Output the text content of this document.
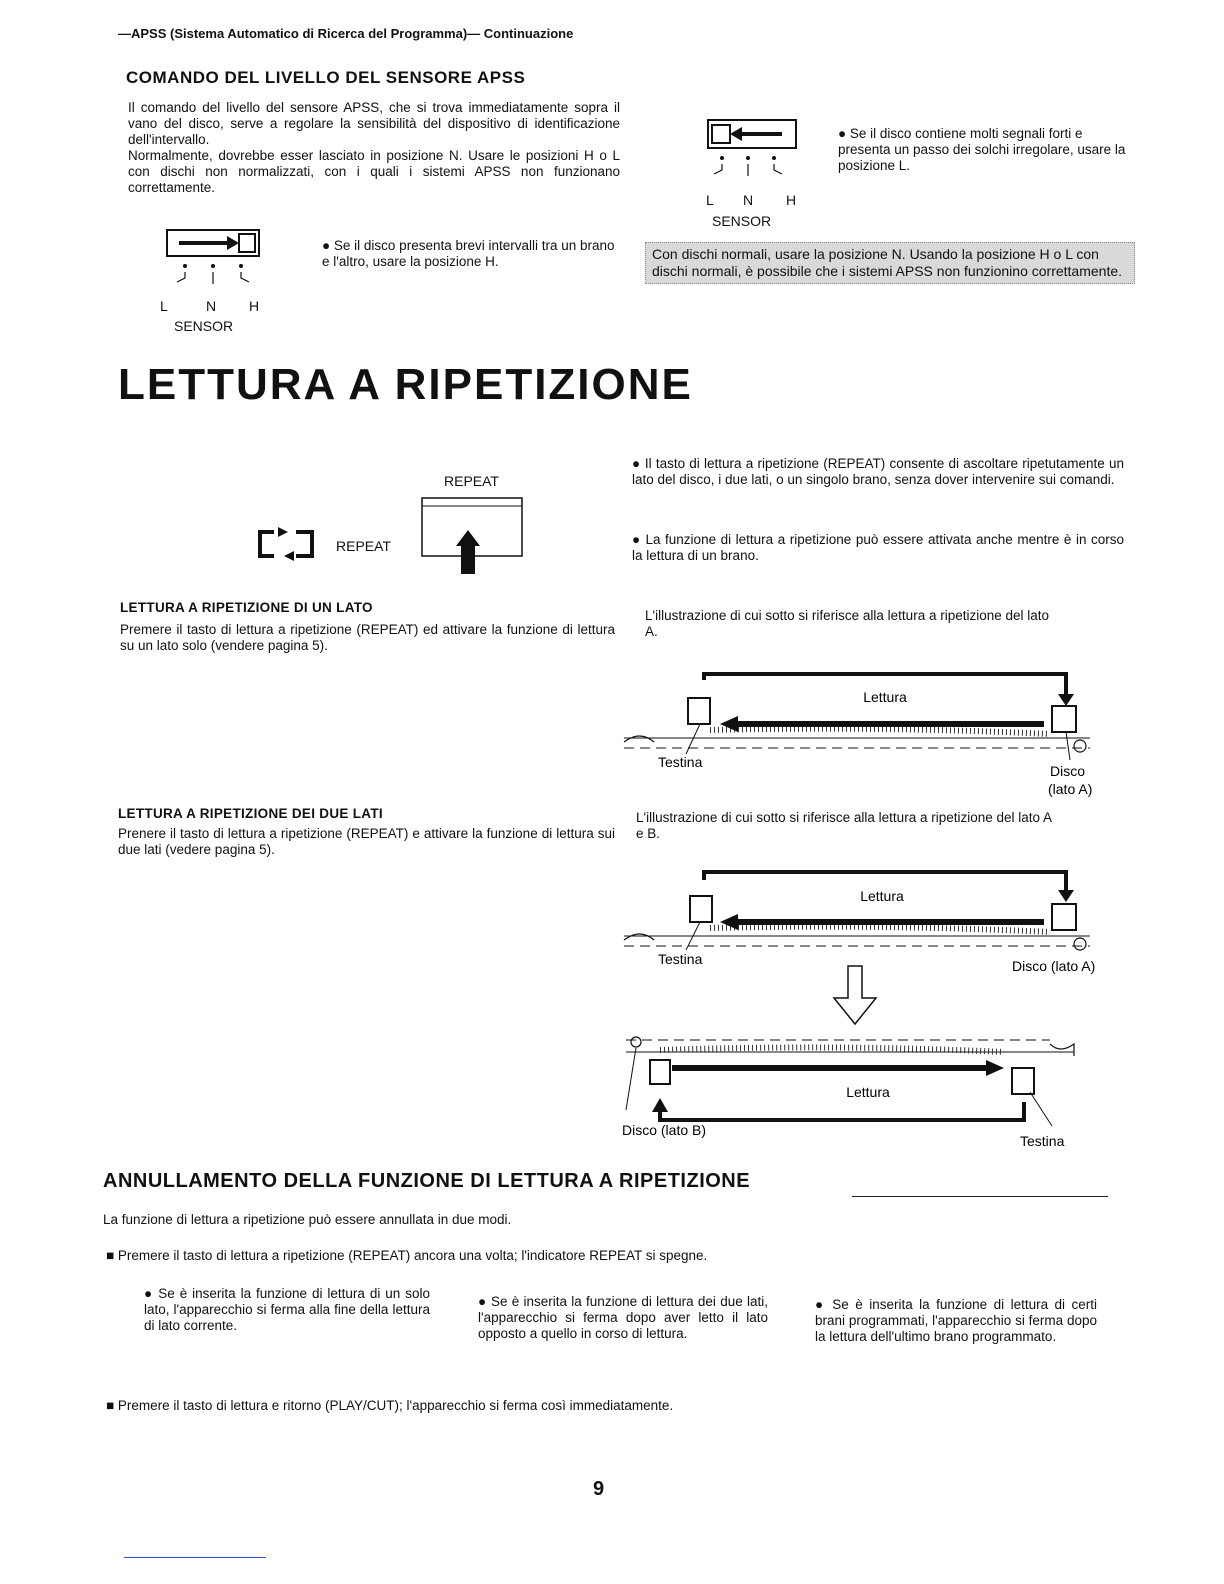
—APSS (Sistema Automatico di Ricerca del Programma)— Continuazione
COMANDO DEL LIVELLO DEL SENSORE APSS
Il comando del livello del sensore APSS, che si trova immediatamente sopra il vano del disco, serve a regolare la sensibilità del dispositivo di identificazione dell'intervallo.
Normalmente, dovrebbe esser lasciato in posizione N. Usare le posizioni H o L con dischi non normalizzati, con i quali i sistemi APSS non funzionano correttamente.
L	N H
SENSOR
● Se il disco presenta brevi intervalli tra un brano e l'altro, usare la posizione H.
L N H
SENSOR
● Se il disco contiene molti segnali forti e presenta un passo dei solchi irregolare, usare la posizione L.
Con dischi normali, usare la posizione N. Usando la posizione H o L con dischi normali, è possibile che i sistemi APSS non funzionino correttamente.
LETTURA A RIPETIZIONE
REPEAT
REPEAT
● Il tasto di lettura a ripetizione (REPEAT) consente di ascoltare ripetutamente un lato del disco, i due lati, o un singolo brano, senza dover intervenire sui comandi.
● La funzione di lettura a ripetizione può essere attivata anche mentre è in corso la lettura di un brano.
LETTURA A RIPETIZIONE DI UN LATO
Premere il tasto di lettura a ripetizione (REPEAT) ed attivare la funzione di lettura su un lato solo (vendere pagina 5).
L'illustrazione di cui sotto si riferisce alla lettura a ripetizione del lato A.
Lettura
Testina
Disco
(lato A)
LETTURA A RIPETIZIONE DEI DUE LATI
Prenere il tasto di lettura a ripetizione (REPEAT) e attivare la funzione di lettura sui due lati (vedere pagina 5).
L'illustrazione di cui sotto si riferisce alla lettura a ripetizione del lato A e B.
Lettura
Testina	Disco (lato A)
Lettura
Disco (lato B)
Testina
ANNULLAMENTO DELLA FUNZIONE DI LETTURA A RIPETIZIONE
La funzione di lettura a ripetizione può essere annullata in due modi.
■ Premere il tasto di lettura a ripetizione (REPEAT) ancora una volta; l'indicatore REPEAT si spegne.
● Se è inserita la funzione di lettura di un solo lato, l'apparecchio si ferma alla fine della lettura di lato corrente.
● Se è inserita la funzione di lettura dei due lati, l'apparecchio si ferma dopo aver letto il lato opposto a quello in corso di lettura.
● Se è inserita la funzione di lettura di certi brani programmati, l'apparecchio si ferma dopo la lettura dell'ultimo brano programmato.
■ Premere il tasto di lettura e ritorno (PLAY/CUT); l'apparecchio si ferma così immediatamente.
9
